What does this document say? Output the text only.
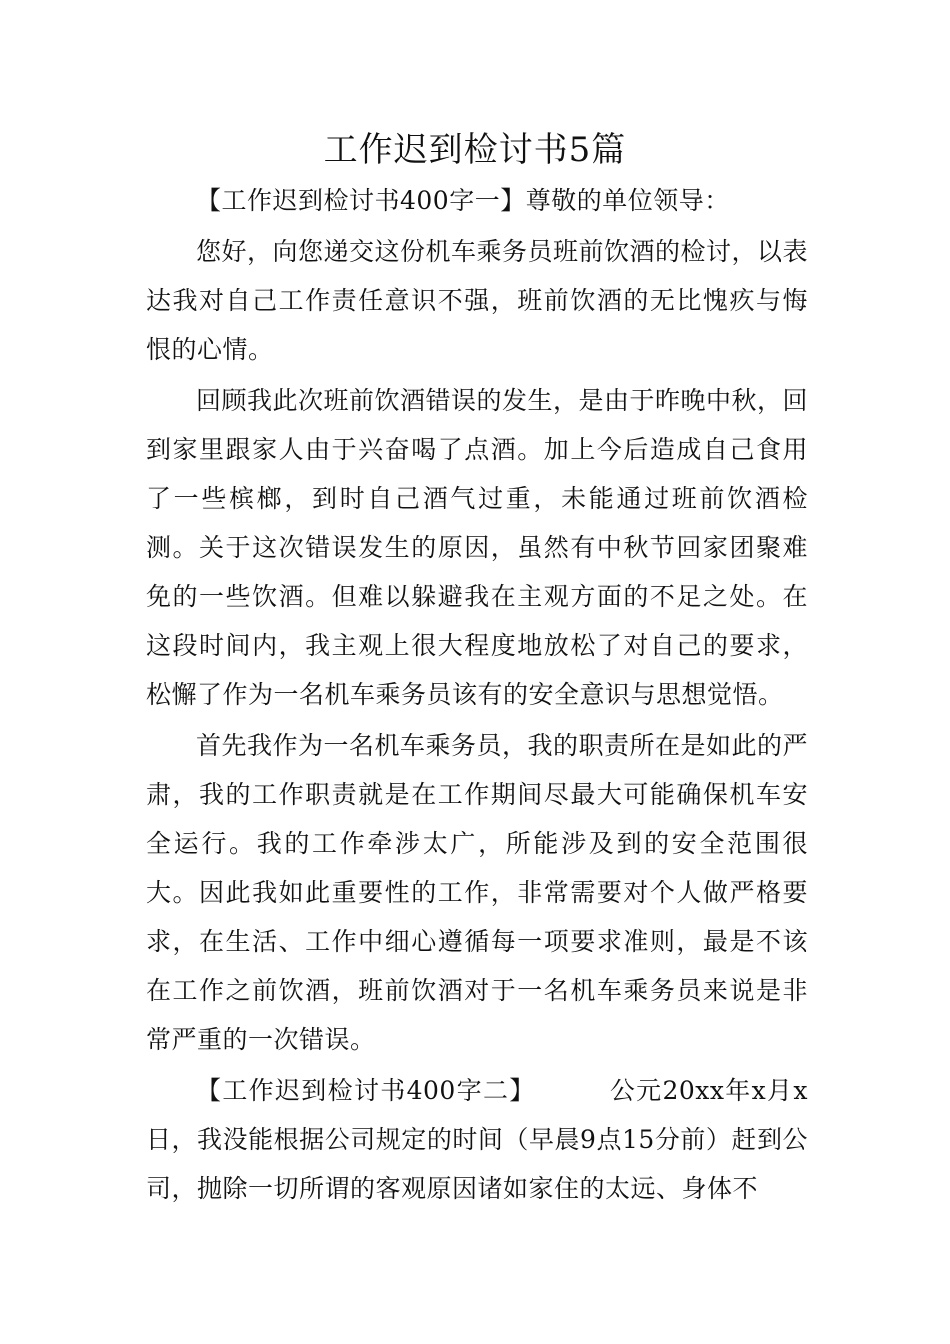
工作迟到检讨书5篇

【工作迟到检讨书400字一】尊敬的单位领导：

您好，向您递交这份机车乘务员班前饮酒的检讨，以表达我对自己工作责任意识不强，班前饮酒的无比愧疚与悔恨的心情。

回顾我此次班前饮酒错误的发生，是由于昨晚中秋，回到家里跟家人由于兴奋喝了点酒。加上今后造成自己食用了一些槟榔，到时自己酒气过重，未能通过班前饮酒检测。关于这次错误发生的原因，虽然有中秋节回家团聚难免的一些饮酒。但难以躲避我在主观方面的不足之处。在这段时间内，我主观上很大程度地放松了对自己的要求，松懈了作为一名机车乘务员该有的安全意识与思想觉悟。

首先我作为一名机车乘务员，我的职责所在是如此的严肃，我的工作职责就是在工作期间尽最大可能确保机车安全运行。我的工作牵涉太广，所能涉及到的安全范围很大。因此我如此重要性的工作，非常需要对个人做严格要求，在生活、工作中细心遵循每一项要求准则，最是不该在工作之前饮酒，班前饮酒对于一名机车乘务员来说是非常严重的一次错误。

【工作迟到检讨书400字二】        公元20xx年x月x日，我没能根据公司规定的时间（早晨9点15分前）赶到公司，抛除一切所谓的客观原因诸如家住的太远、身体不
